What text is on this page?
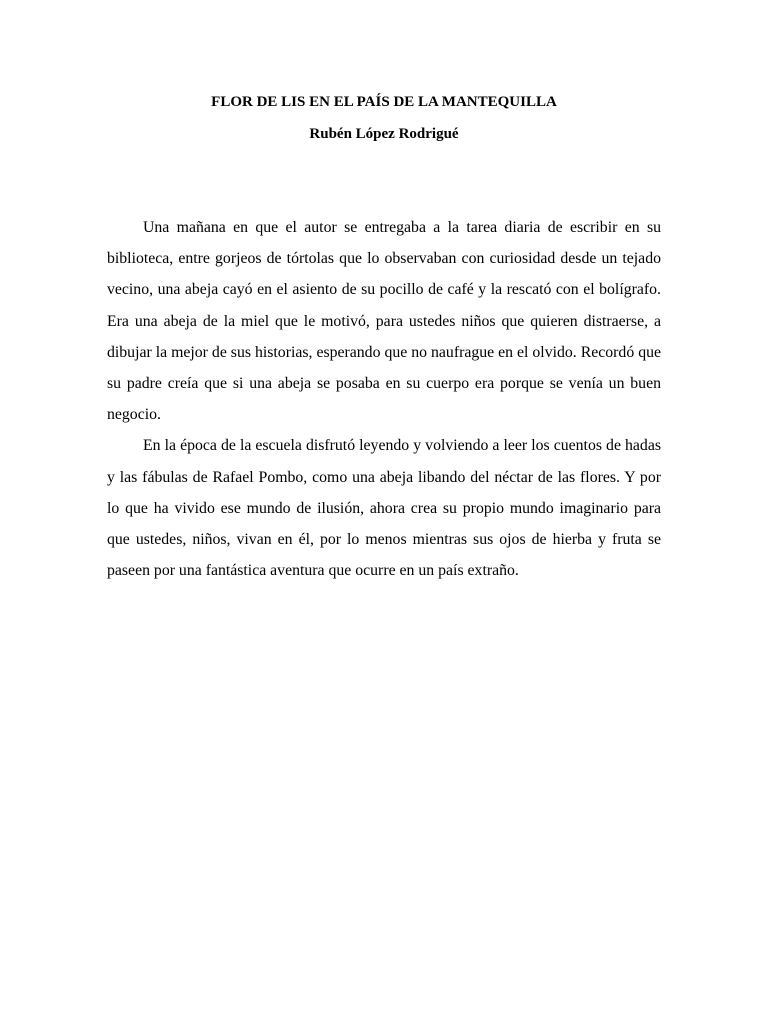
FLOR DE LIS EN EL PAÍS DE LA MANTEQUILLA
Rubén López Rodrigué

Una mañana en que el autor se entregaba a la tarea diaria de escribir en su biblioteca, entre gorjeos de tórtolas que lo observaban con curiosidad desde un tejado vecino, una abeja cayó en el asiento de su pocillo de café y la rescató con el bolígrafo. Era una abeja de la miel que le motivó, para ustedes niños que quieren distraerse, a dibujar la mejor de sus historias, esperando que no naufrague en el olvido. Recordó que su padre creía que si una abeja se posaba en su cuerpo era porque se venía un buen negocio.

En la época de la escuela disfrutó leyendo y volviendo a leer los cuentos de hadas y las fábulas de Rafael Pombo, como una abeja libando del néctar de las flores. Y por lo que ha vivido ese mundo de ilusión, ahora crea su propio mundo imaginario para que ustedes, niños, vivan en él, por lo menos mientras sus ojos de hierba y fruta se paseen por una fantástica aventura que ocurre en un país extraño.
